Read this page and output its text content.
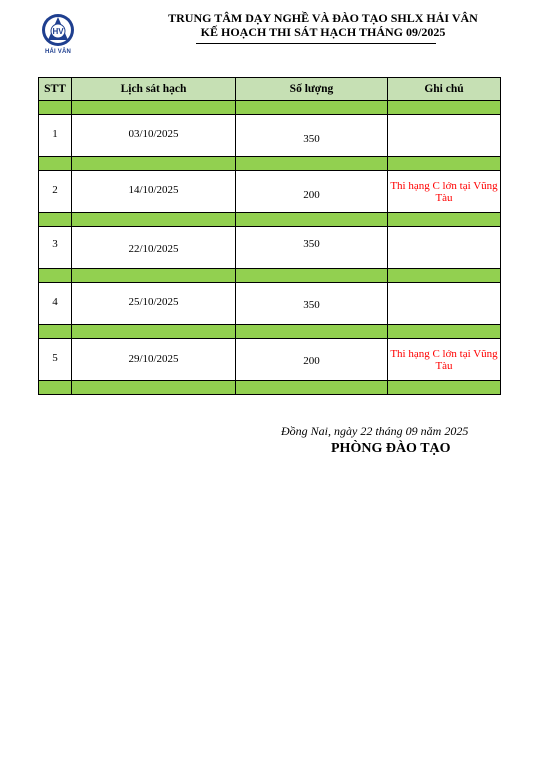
HV
HẢI VÂN
TRUNG TÂM DẠY NGHỀ VÀ ĐÀO TẠO SHLX HẢI VÂN
KẾ HOẠCH THI SÁT HẠCH THÁNG 09/2025
STT	Lịch sát hạch	Số lượng	Ghi chú

1	03/10/2025	350	

2	14/10/2025	200	Thi hạng C lớn tại Vũng Tàu

3	22/10/2025	350	

4	25/10/2025	350	

5	29/10/2025	200	Thi hạng C lớn tại Vũng Tàu

Đồng Nai, ngày 22 tháng 09 năm 2025
PHÒNG ĐÀO TẠO
